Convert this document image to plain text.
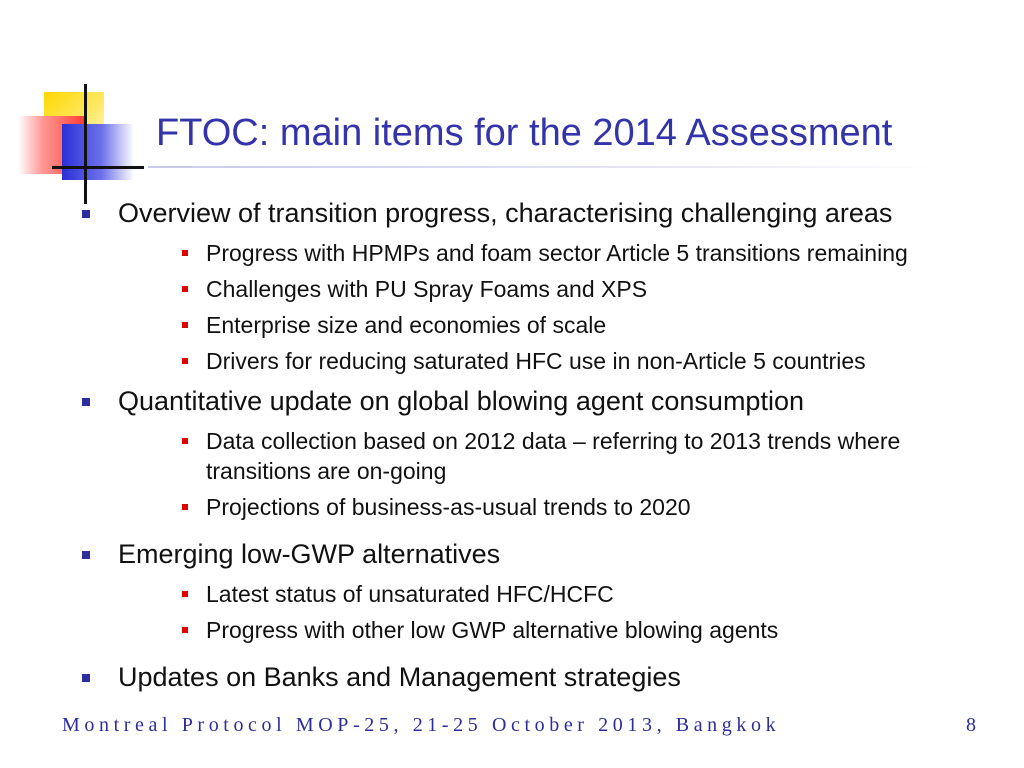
FTOC: main items for the 2014 Assessment
Overview of transition progress, characterising challenging areas
Progress with HPMPs and foam sector Article 5 transitions remaining
Challenges with PU Spray Foams and XPS
Enterprise size and economies of scale
Drivers for reducing saturated HFC use in non-Article 5 countries
Quantitative update on global blowing agent consumption
Data collection based on 2012 data – referring to 2013 trends where transitions are on-going
Projections of business-as-usual trends to 2020
Emerging low-GWP alternatives
Latest status of unsaturated HFC/HCFC
Progress with other low GWP alternative blowing agents
Updates on Banks and Management strategies
Montreal Protocol MOP-25, 21-25 October 2013, Bangkok	8
